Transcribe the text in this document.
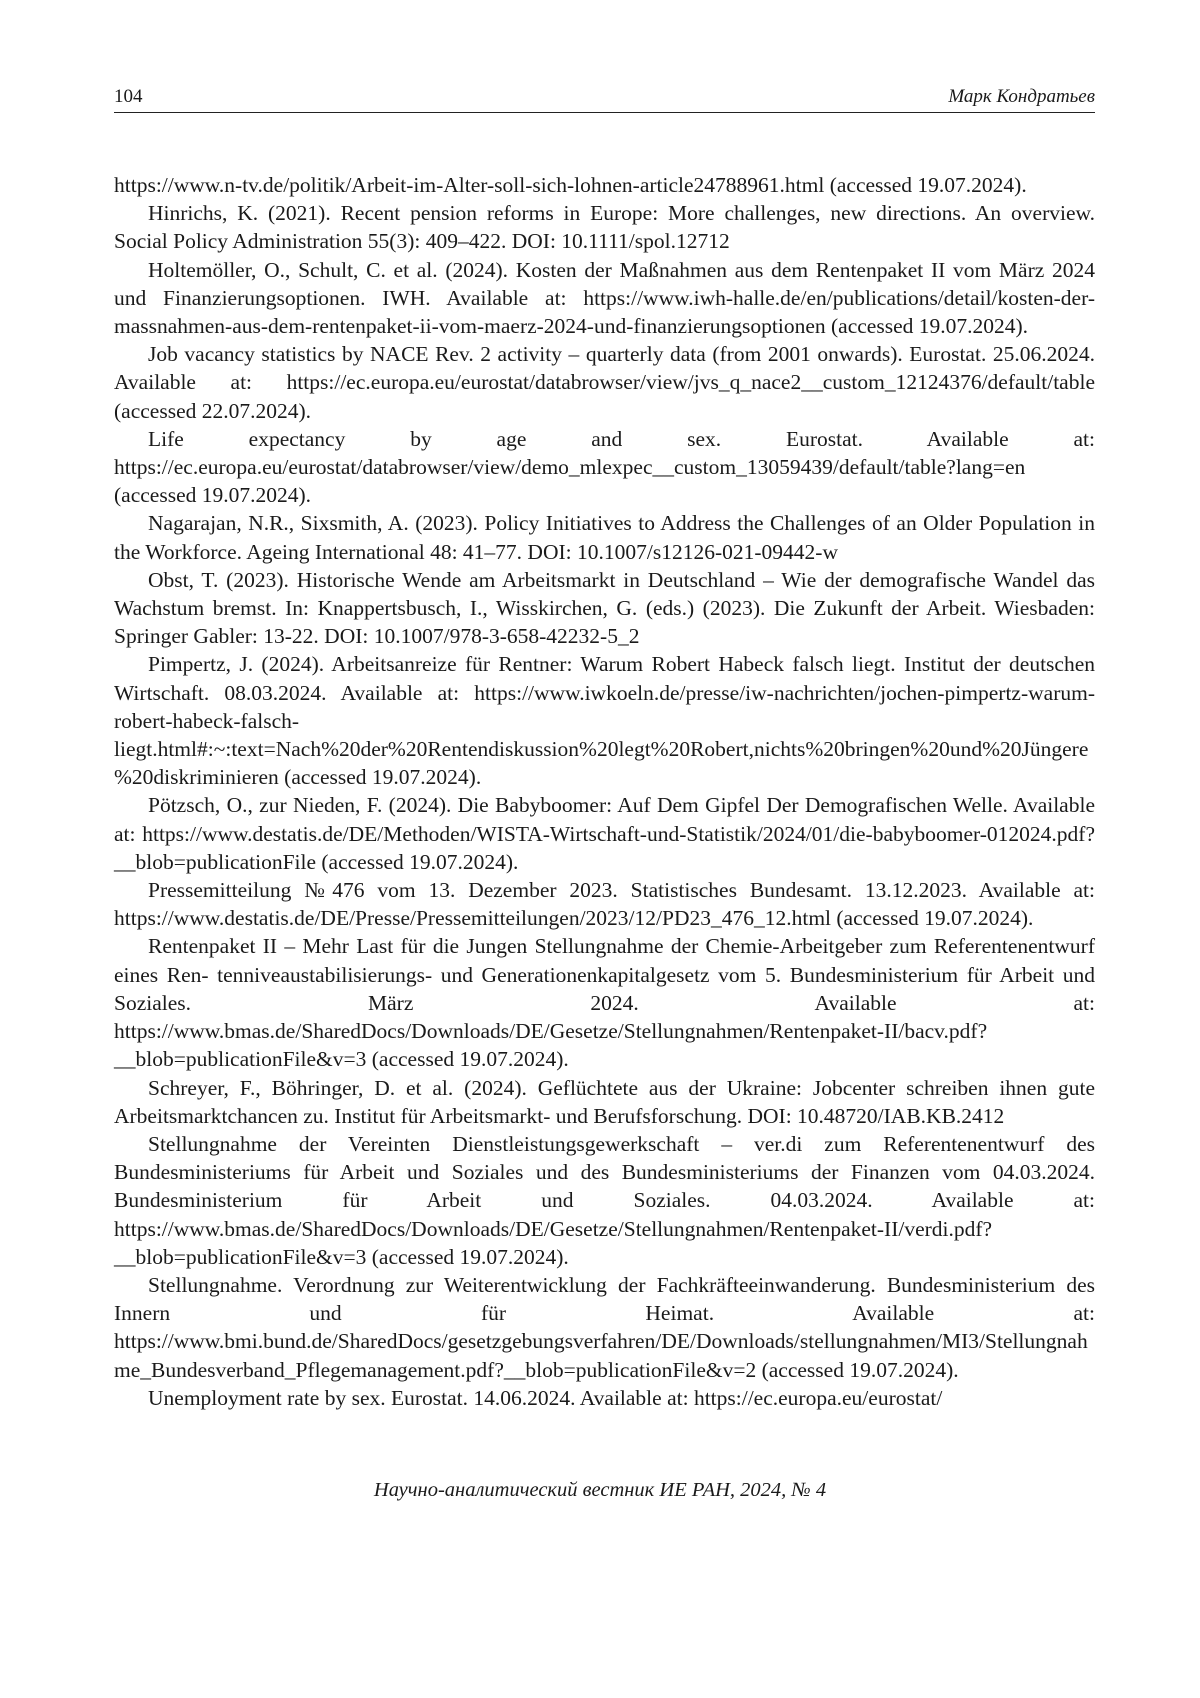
104	Марк Кондратьев

https://www.n-tv.de/politik/Arbeit-im-Alter-soll-sich-lohnen-article24788961.html (accessed 19.07.2024).

Hinrichs, K. (2021). Recent pension reforms in Europe: More challenges, new directions. An overview. Social Policy Administration 55(3): 409–422. DOI: 10.1111/spol.12712

Holtemöller, O., Schult, C. et al. (2024). Kosten der Maßnahmen aus dem Rentenpaket II vom März 2024 und Finanzierungsoptionen. IWH. Available at: https://www.iwh-halle.de/en/publications/detail/kosten-der-massnahmen-aus-dem-rentenpaket-ii-vom-maerz-2024-und-finanzierungsoptionen (accessed 19.07.2024).

Job vacancy statistics by NACE Rev. 2 activity – quarterly data (from 2001 onwards). Eurostat. 25.06.2024. Available at: https://ec.europa.eu/eurostat/databrowser/view/jvs_q_nace2__custom_12124376/default/table (accessed 22.07.2024).

Life expectancy by age and sex. Eurostat. Available at: https://ec.europa.eu/eurostat/databrowser/view/demo_mlexpec__custom_13059439/default/table?lang=en (accessed 19.07.2024).

Nagarajan, N.R., Sixsmith, A. (2023). Policy Initiatives to Address the Challenges of an Older Population in the Workforce. Ageing International 48: 41–77. DOI: 10.1007/s12126-021-09442-w

Obst, T. (2023). Historische Wende am Arbeitsmarkt in Deutschland – Wie der demografische Wandel das Wachstum bremst. In: Knappertsbusch, I., Wisskirchen, G. (eds.) (2023). Die Zukunft der Arbeit. Wiesbaden: Springer Gabler: 13-22. DOI: 10.1007/978-3-658-42232-5_2

Pimpertz, J. (2024). Arbeitsanreize für Rentner: Warum Robert Habeck falsch liegt. Institut der deutschen Wirtschaft. 08.03.2024. Available at: https://www.iwkoeln.de/presse/iw-nachrichten/jochen-pimpertz-warum-robert-habeck-falsch-liegt.html#:~:text=Nach%20der%20Rentendiskussion%20legt%20Robert,nichts%20bringen%20und%20Jüngere%20diskriminieren (accessed 19.07.2024).

Pötzsch, O., zur Nieden, F. (2024). Die Babyboomer: Auf Dem Gipfel Der Demografischen Welle. Available at: https://www.destatis.de/DE/Methoden/WISTA-Wirtschaft-und-Statistik/2024/01/die-babyboomer-012024.pdf?__blob=publicationFile (accessed 19.07.2024).

Pressemitteilung №476 vom 13. Dezember 2023. Statistisches Bundesamt. 13.12.2023. Available at: https://www.destatis.de/DE/Presse/Pressemitteilungen/2023/12/PD23_476_12.html (accessed 19.07.2024).

Rentenpaket II – Mehr Last für die Jungen Stellungnahme der Chemie-Arbeitgeber zum Referentenentwurf eines Ren- tenniveaustabilisierungs- und Generationenkapitalgesetz vom 5. Bundesministerium für Arbeit und Soziales. März 2024. Available at: https://www.bmas.de/SharedDocs/Downloads/DE/Gesetze/Stellungnahmen/Rentenpaket-II/bacv.pdf?__blob=publicationFile&v=3 (accessed 19.07.2024).

Schreyer, F., Böhringer, D. et al. (2024). Geflüchtete aus der Ukraine: Jobcenter schreiben ihnen gute Arbeitsmarktchancen zu. Institut für Arbeitsmarkt- und Berufsforschung. DOI: 10.48720/IAB.KB.2412

Stellungnahme der Vereinten Dienstleistungsgewerkschaft – ver.di zum Referentenentwurf des Bundesministeriums für Arbeit und Soziales und des Bundesministeriums der Finanzen vom 04.03.2024. Bundesministerium für Arbeit und Soziales. 04.03.2024. Available at: https://www.bmas.de/SharedDocs/Downloads/DE/Gesetze/Stellungnahmen/Rentenpaket-II/verdi.pdf?__blob=publicationFile&v=3 (accessed 19.07.2024).

Stellungnahme. Verordnung zur Weiterentwicklung der Fachkräfteeinwanderung. Bundesministerium des Innern und für Heimat. Available at: https://www.bmi.bund.de/SharedDocs/gesetzgebungsverfahren/DE/Downloads/stellungnahmen/MI3/Stellungnahme_Bundesverband_Pflegemanagement.pdf?__blob=publicationFile&v=2 (accessed 19.07.2024).

Unemployment rate by sex. Eurostat. 14.06.2024. Available at: https://ec.europa.eu/eurostat/

Научно-аналитический вестник ИЕ РАН, 2024, № 4
